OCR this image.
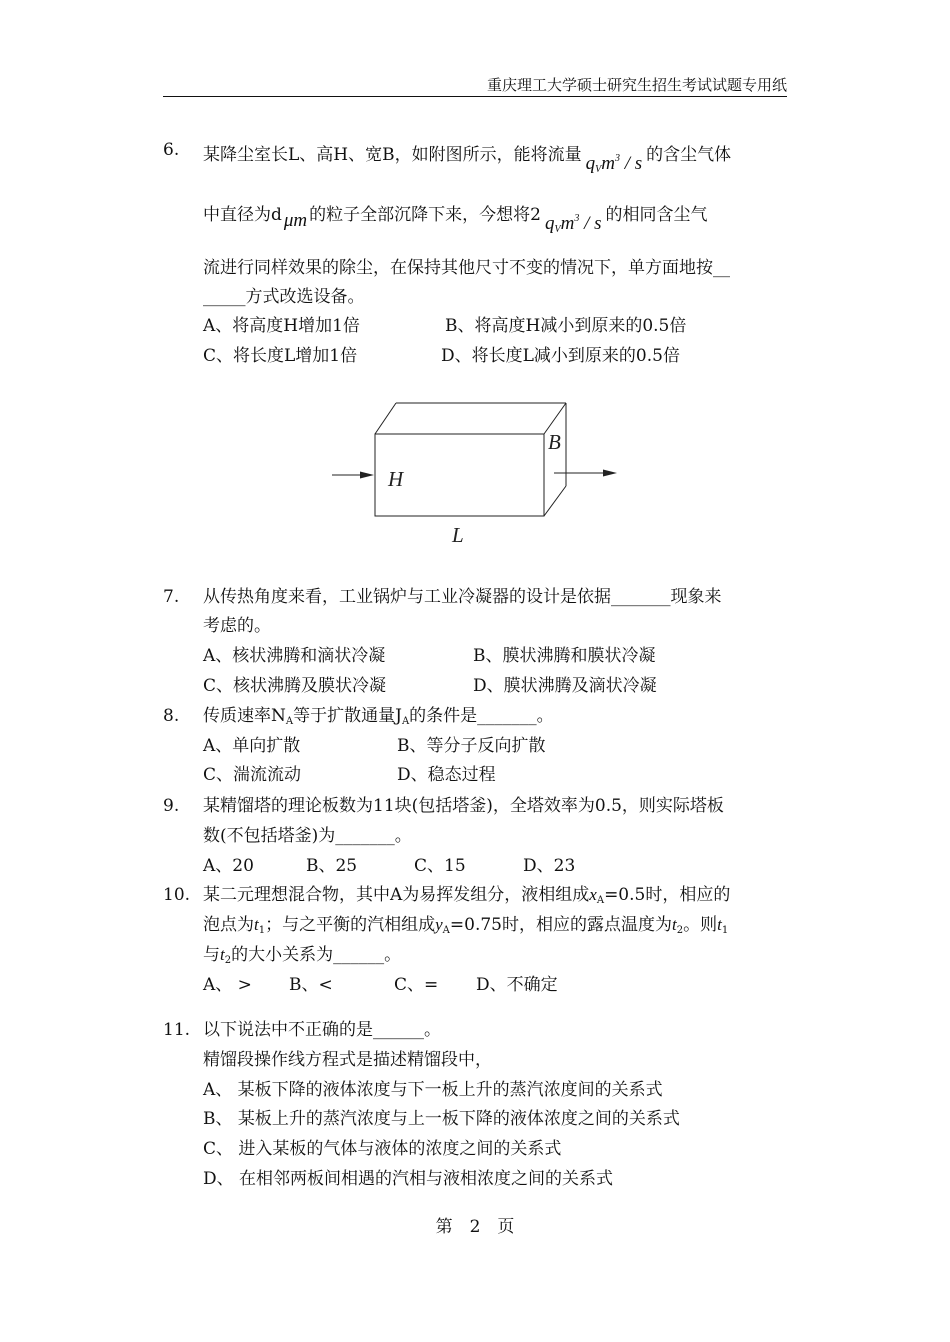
重庆理工大学硕士研究生招生考试试题专用纸
6. 某降尘室长L、高H、宽B，如附图所示，能将流量 $q_Vm^3$ / s 的含尘气体
中直径为d μm 的粒子全部沉降下来，今想将2 $q_Vm^3$ / s 的相同含尘气
流进行同样效果的除尘，在保持其他尺寸不变的情况下，单方面地按__
_____方式改选设备。
A、将高度H增加1倍	B、将高度H减小到原来的0.5倍
C、将长度L增加1倍	D、将长度L减小到原来的0.5倍
H
B
L
7. 从传热角度来看，工业锅炉与工业冷凝器的设计是依据_______现象来
考虑的。
A、核状沸腾和滴状冷凝	B、膜状沸腾和膜状冷凝
C、核状沸腾及膜状冷凝	D、膜状沸腾及滴状冷凝
8. 传质速率$N_A$等于扩散通量$J_A$的条件是_______。
A、单向扩散	B、等分子反向扩散
C、湍流流动	D、稳态过程
9. 某精馏塔的理论板数为11块(包括塔釜)，全塔效率为0.5，则实际塔板
数(不包括塔釜)为_______。
A、20	B、25	C、15	D、23
10. 某二元理想混合物，其中A为易挥发组分，液相组成$x_A=0.5$时，相应的
泡点为$t_1$；与之平衡的汽相组成$y_A=0.75$时，相应的露点温度为$t_2$。则$t_1$
与$t_2$的大小关系为______。
A、 > B、<	C、= D、不确定
11. 以下说法中不正确的是______。
精馏段操作线方程式是描述精馏段中，
A、 某板下降的液体浓度与下一板上升的蒸汽浓度间的关系式
B、 某板上升的蒸汽浓度与上一板下降的液体浓度之间的关系式
C、 进入某板的气体与液体的浓度之间的关系式
D、 在相邻两板间相遇的汽相与液相浓度之间的关系式
第　2　页
